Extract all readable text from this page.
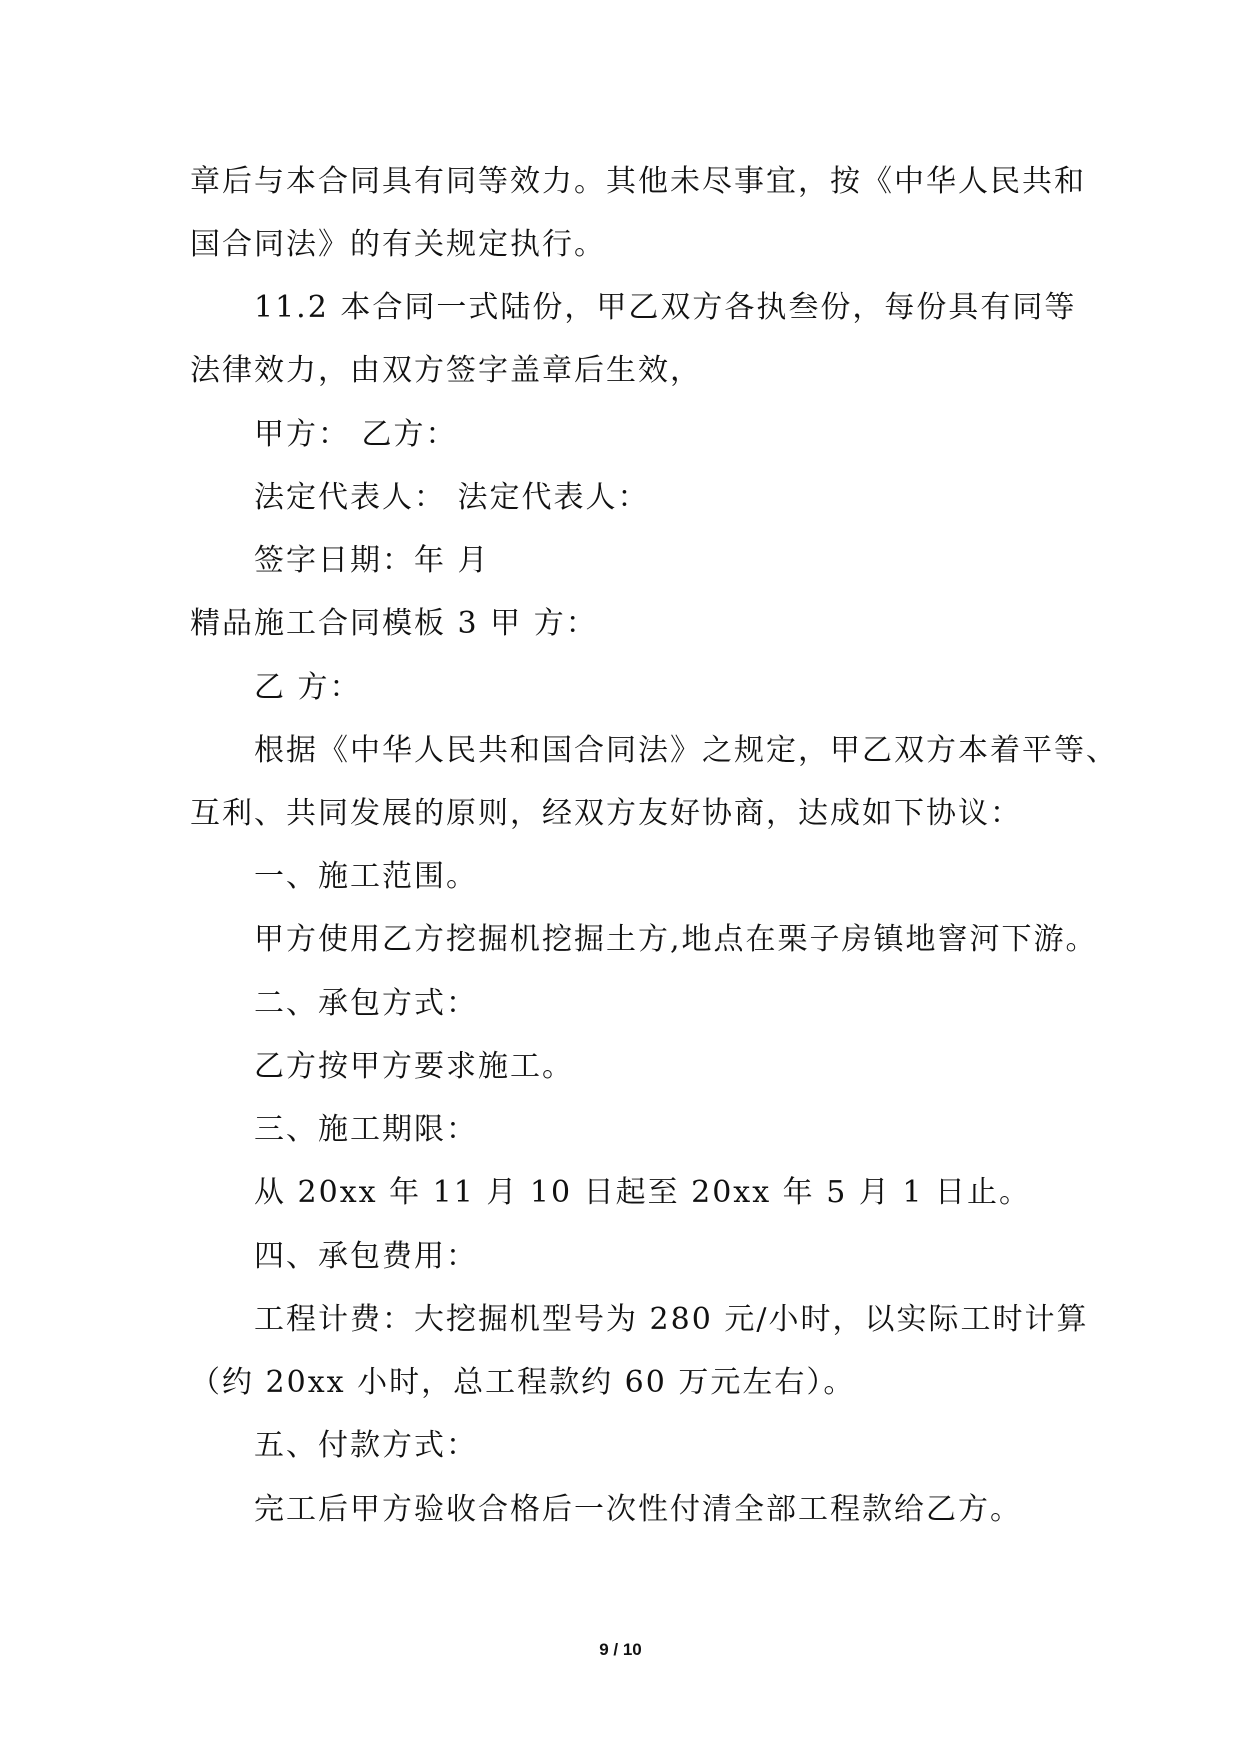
章后与本合同具有同等效力。其他未尽事宜，按《中华人民共和
国合同法》的有关规定执行。
11.2 本合同一式陆份，甲乙双方各执叁份，每份具有同等
法律效力，由双方签字盖章后生效，
甲方： 乙方：
法定代表人： 法定代表人：
签字日期：年 月
精品施工合同模板 3 甲 方：
乙 方：
根据《中华人民共和国合同法》之规定，甲乙双方本着平等、
互利、共同发展的原则，经双方友好协商，达成如下协议：
一、施工范围。
甲方使用乙方挖掘机挖掘土方,地点在栗子房镇地窨河下游。
二、承包方式：
乙方按甲方要求施工。
三、施工期限：
从 20xx 年 11 月 10 日起至 20xx 年 5 月 1 日止。
四、承包费用：
工程计费：大挖掘机型号为 280 元/小时，以实际工时计算
（约 20xx 小时，总工程款约 60 万元左右）。
五、付款方式：
完工后甲方验收合格后一次性付清全部工程款给乙方。
9 / 10
